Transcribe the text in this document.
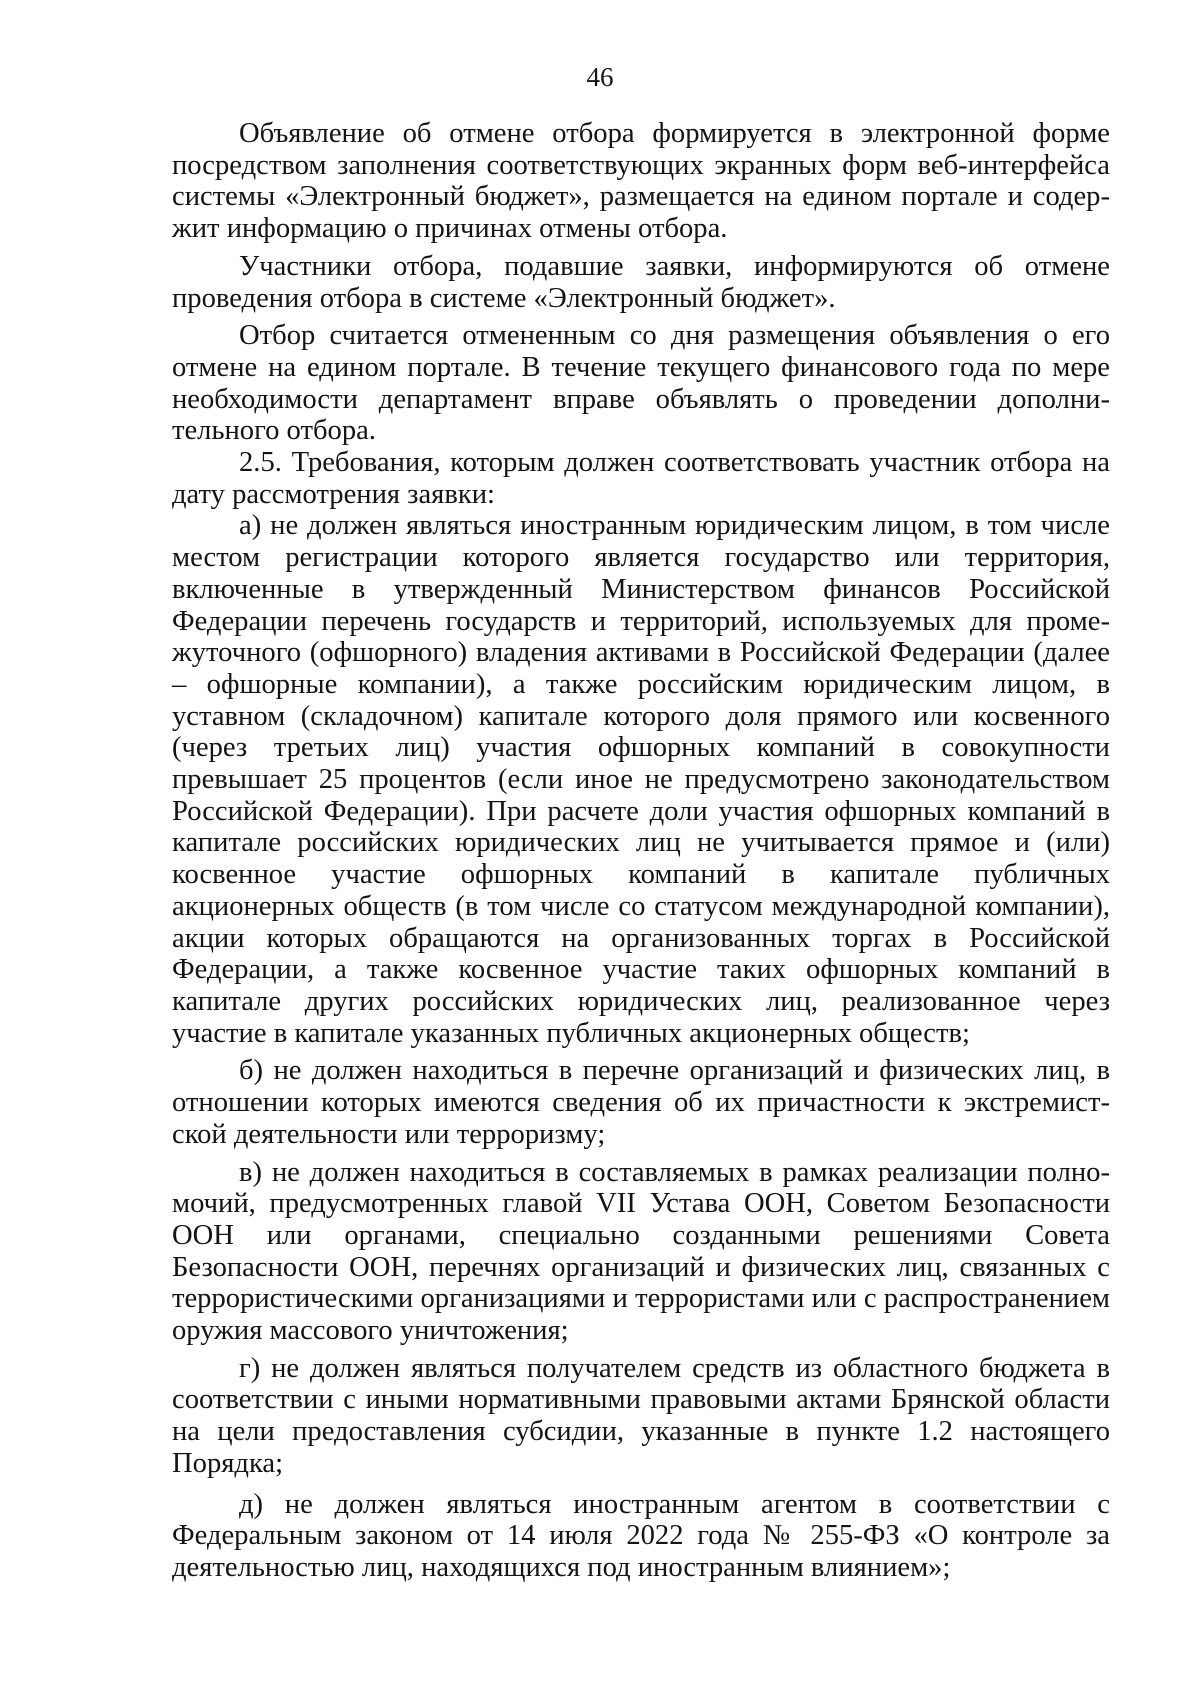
46

Объявление об отмене отбора формируется в электронной форме посредством заполнения соответствующих экранных форм веб-интерфейса системы «Электронный бюджет», размещается на едином портале и содержит информацию о причинах отмены отбора.

Участники отбора, подавшие заявки, информируются об отмене проведения отбора в системе «Электронный бюджет».

Отбор считается отмененным со дня размещения объявления о его отмене на едином портале. В течение текущего финансового года по мере необходимости департамент вправе объявлять о проведении дополнительного отбора.

2.5. Требования, которым должен соответствовать участник отбора на дату рассмотрения заявки:

а) не должен являться иностранным юридическим лицом, в том числе местом регистрации которого является государство или территория, включенные в утвержденный Министерством финансов Российской Федерации перечень государств и территорий, используемых для промежуточного (офшорного) владения активами в Российской Федерации (далее – офшорные компании), а также российским юридическим лицом, в уставном (складочном) капитале которого доля прямого или косвенного (через третьих лиц) участия офшорных компаний в совокупности превышает 25 процентов (если иное не предусмотрено законодательством Российской Федерации). При расчете доли участия офшорных компаний в капитале российских юридических лиц не учитывается прямое и (или) косвенное участие офшорных компаний в капитале публичных акционерных обществ (в том числе со статусом международной компании), акции которых обращаются на организованных торгах в Российской Федерации, а также косвенное участие таких офшорных компаний в капитале других российских юридических лиц, реализованное через участие в капитале указанных публичных акционерных обществ;

б) не должен находиться в перечне организаций и физических лиц, в отношении которых имеются сведения об их причастности к экстремистской деятельности или терроризму;

в) не должен находиться в составляемых в рамках реализации полномочий, предусмотренных главой VII Устава ООН, Советом Безопасности ООН или органами, специально созданными решениями Совета Безопасности ООН, перечнях организаций и физических лиц, связанных с террористическими организациями и террористами или с распространением оружия массового уничтожения;

г) не должен являться получателем средств из областного бюджета в соответствии с иными нормативными правовыми актами Брянской области на цели предоставления субсидии, указанные в пункте 1.2 настоящего Порядка;

д) не должен являться иностранным агентом в соответствии с Федеральным законом от 14 июля 2022 года № 255-ФЗ «О контроле за деятельностью лиц, находящихся под иностранным влиянием»;
